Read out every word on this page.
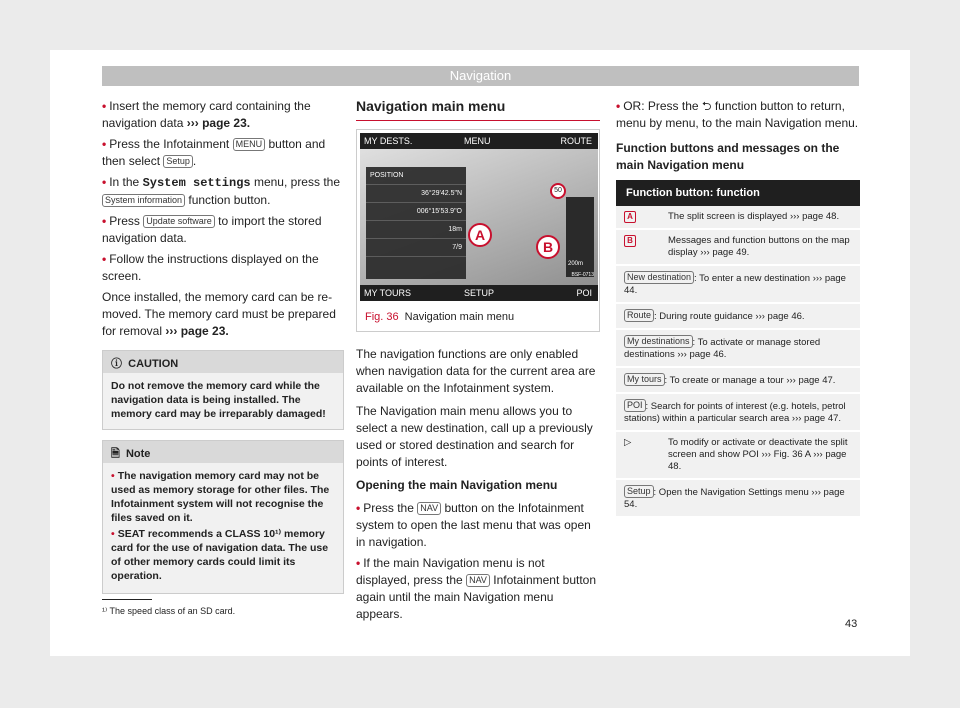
Navigation
• Insert the memory card containing the navigation data ››› page 23.
• Press the Infotainment MENU button and then select Setup .
• In the System settings menu, press the System information function button.
• Press Update software to import the stored navigation data.
• Follow the instructions displayed on the screen.

Once installed, the memory card can be re-moved. The memory card must be prepared for removal ››› page 23.

ⓘ CAUTION
Do not remove the memory card while the navigation data is being installed. The memory card may be irreparably damaged!
🗎 Note
• The navigation memory card may not be used as memory storage for other files. The Infotainment system will not recognise the files saved on it.
• SEAT recommends a CLASS 10¹⁾ memory card for the use of navigation data. The use of other memory cards could limit its operation.
Navigation main menu
MY DESTS.	MENU	ROUTE
POSITION
36°29'42.5"N
006°15'53.9"O
18m
7/9
50
200m
A
B
MY TOURS	SETUP	POI
BSF-0713
Fig. 36 Navigation main menu

The navigation functions are only enabled when navigation data for the current area are available on the Infotainment system.

The Navigation main menu allows you to select a new destination, call up a previously used or stored destination and search for points of interest.

Opening the main Navigation menu

• Press the NAV button on the Infotainment system to open the last menu that was open in navigation.
• If the main Navigation menu is not displayed, press the NAV Infotainment button again until the main Navigation menu appears.
• OR: Press the ⮌ function button to return, menu by menu, to the main Navigation menu.

Function buttons and messages on the main Navigation menu

Function button: function
A	The split screen is displayed ››› page 48.
B	Messages and function buttons on the map display ››› page 49.
New destination : To enter a new destination ››› page 44.
Route : During route guidance ››› page 46.
My destinations : To activate or manage stored destinations ››› page 46.
My tours : To create or manage a tour ››› page 47.
POI : Search for points of interest (e.g. hotels, petrol stations) within a particular search area ››› page 47.
▷	To modify or activate or deactivate the split screen and show POI ››› Fig. 36 A ››› page 48.
Setup : Open the Navigation Settings menu ››› page 54.
¹⁾ The speed class of an SD card.
43
